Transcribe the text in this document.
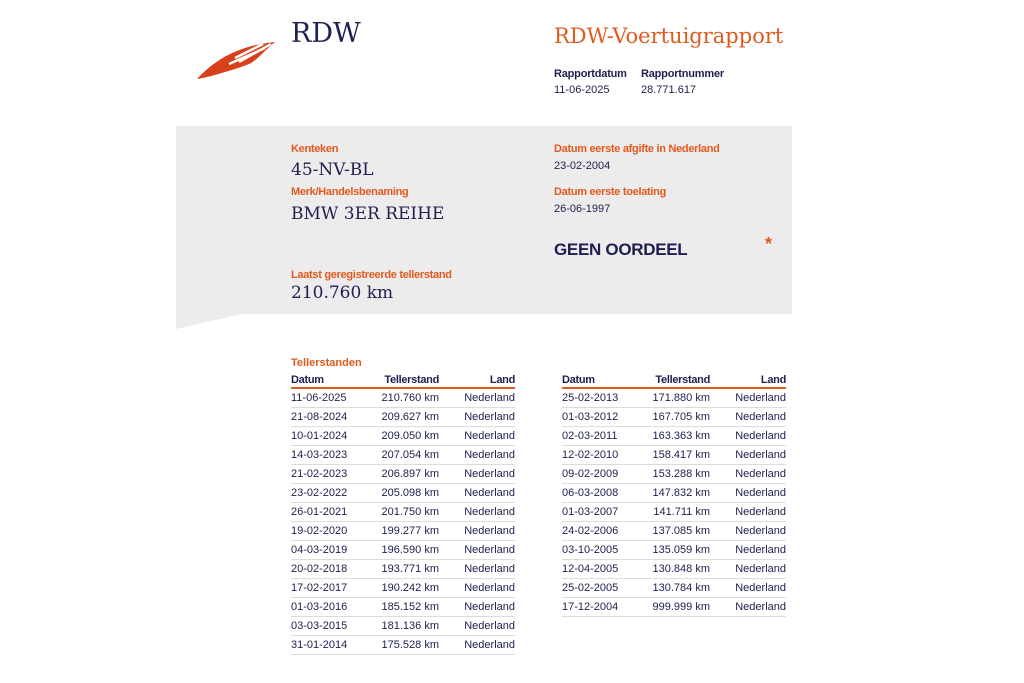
RDW	RDW-Voertuigrapport
Rapportdatum
11-06-2025
Rapportnummer
28.771.617
Kenteken
45-NV-BL
Merk/Handelsbenaming
BMW 3ER REIHE
Laatst geregistreerde tellerstand
210.760 km
Datum eerste afgifte in Nederland
23-02-2004
Datum eerste toelating
26-06-1997
GEEN OORDEEL	*
Tellerstanden
Datum	Tellerstand	Land
11-06-2025	210.760 km	Nederland
21-08-2024	209.627 km	Nederland
10-01-2024	209.050 km	Nederland
14-03-2023	207.054 km	Nederland
21-02-2023	206.897 km	Nederland
23-02-2022	205.098 km	Nederland
26-01-2021	201.750 km	Nederland
19-02-2020	199.277 km	Nederland
04-03-2019	196.590 km	Nederland
20-02-2018	193.771 km	Nederland
17-02-2017	190.242 km	Nederland
01-03-2016	185.152 km	Nederland
03-03-2015	181.136 km	Nederland
31-01-2014	175.528 km	Nederland
Datum	Tellerstand	Land
25-02-2013	171.880 km	Nederland
01-03-2012	167.705 km	Nederland
02-03-2011	163.363 km	Nederland
12-02-2010	158.417 km	Nederland
09-02-2009	153.288 km	Nederland
06-03-2008	147.832 km	Nederland
01-03-2007	141.711 km	Nederland
24-02-2006	137.085 km	Nederland
03-10-2005	135.059 km	Nederland
12-04-2005	130.848 km	Nederland
25-02-2005	130.784 km	Nederland
17-12-2004	999.999 km	Nederland
